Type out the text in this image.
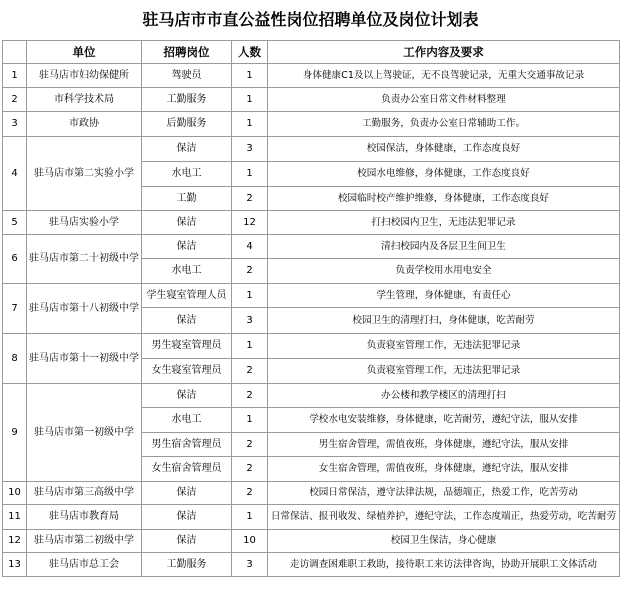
驻马店市市直公益性岗位招聘单位及岗位计划表
	单位	招聘岗位	人数	工作内容及要求
1	驻马店市妇幼保健所	驾驶员	1	身体健康C1及以上驾驶证，无不良驾驶记录，无重大交通事故记录
2	市科学技术局	工勤服务	1	负责办公室日常文件材料整理
3	市政协	后勤服务	1	工勤服务，负责办公室日常辅助工作。
4	驻马店市第二实验小学	保洁	3	校园保洁，身体健康，工作态度良好
		水电工	1	校园水电维修，身体健康，工作态度良好
		工勤	2	校园临时校产维护维修，身体健康，工作态度良好
5	驻马店实验小学	保洁	12	打扫校园内卫生，无违法犯罪记录
6	驻马店市第二十初级中学	保洁	4	清扫校园内及各层卫生间卫生
		水电工	2	负责学校用水用电安全
7	驻马店市第十八初级中学	学生寝室管理人员	1	学生管理，身体健康，有责任心
		保洁	3	校园卫生的清理打扫，身体健康，吃苦耐劳
8	驻马店市第十一初级中学	男生寝室管理员	1	负责寝室管理工作，无违法犯罪记录
		女生寝室管理员	2	负责寝室管理工作，无违法犯罪记录
9	驻马店市第一初级中学	保洁	2	办公楼和教学楼区的清理打扫
		水电工	1	学校水电安装维修，身体健康，吃苦耐劳，遵纪守法，服从安排
		男生宿舍管理员	2	男生宿舍管理，需值夜班，身体健康，遵纪守法，服从安排
		女生宿舍管理员	2	女生宿舍管理，需值夜班，身体健康，遵纪守法，服从安排
10	驻马店市第三高级中学	保洁	2	校园日常保洁，遵守法律法规，品德端正，热爱工作，吃苦劳动
11	驻马店市教育局	保洁	1	日常保洁、报刊收发、绿植养护，遵纪守法，工作态度端正，热爱劳动，吃苦耐劳
12	驻马店市第二初级中学	保洁	10	校园卫生保洁，身心健康
13	驻马店市总工会	工勤服务	3	走访调查困难职工救助，接待职工来访法律咨询，协助开展职工文体活动
